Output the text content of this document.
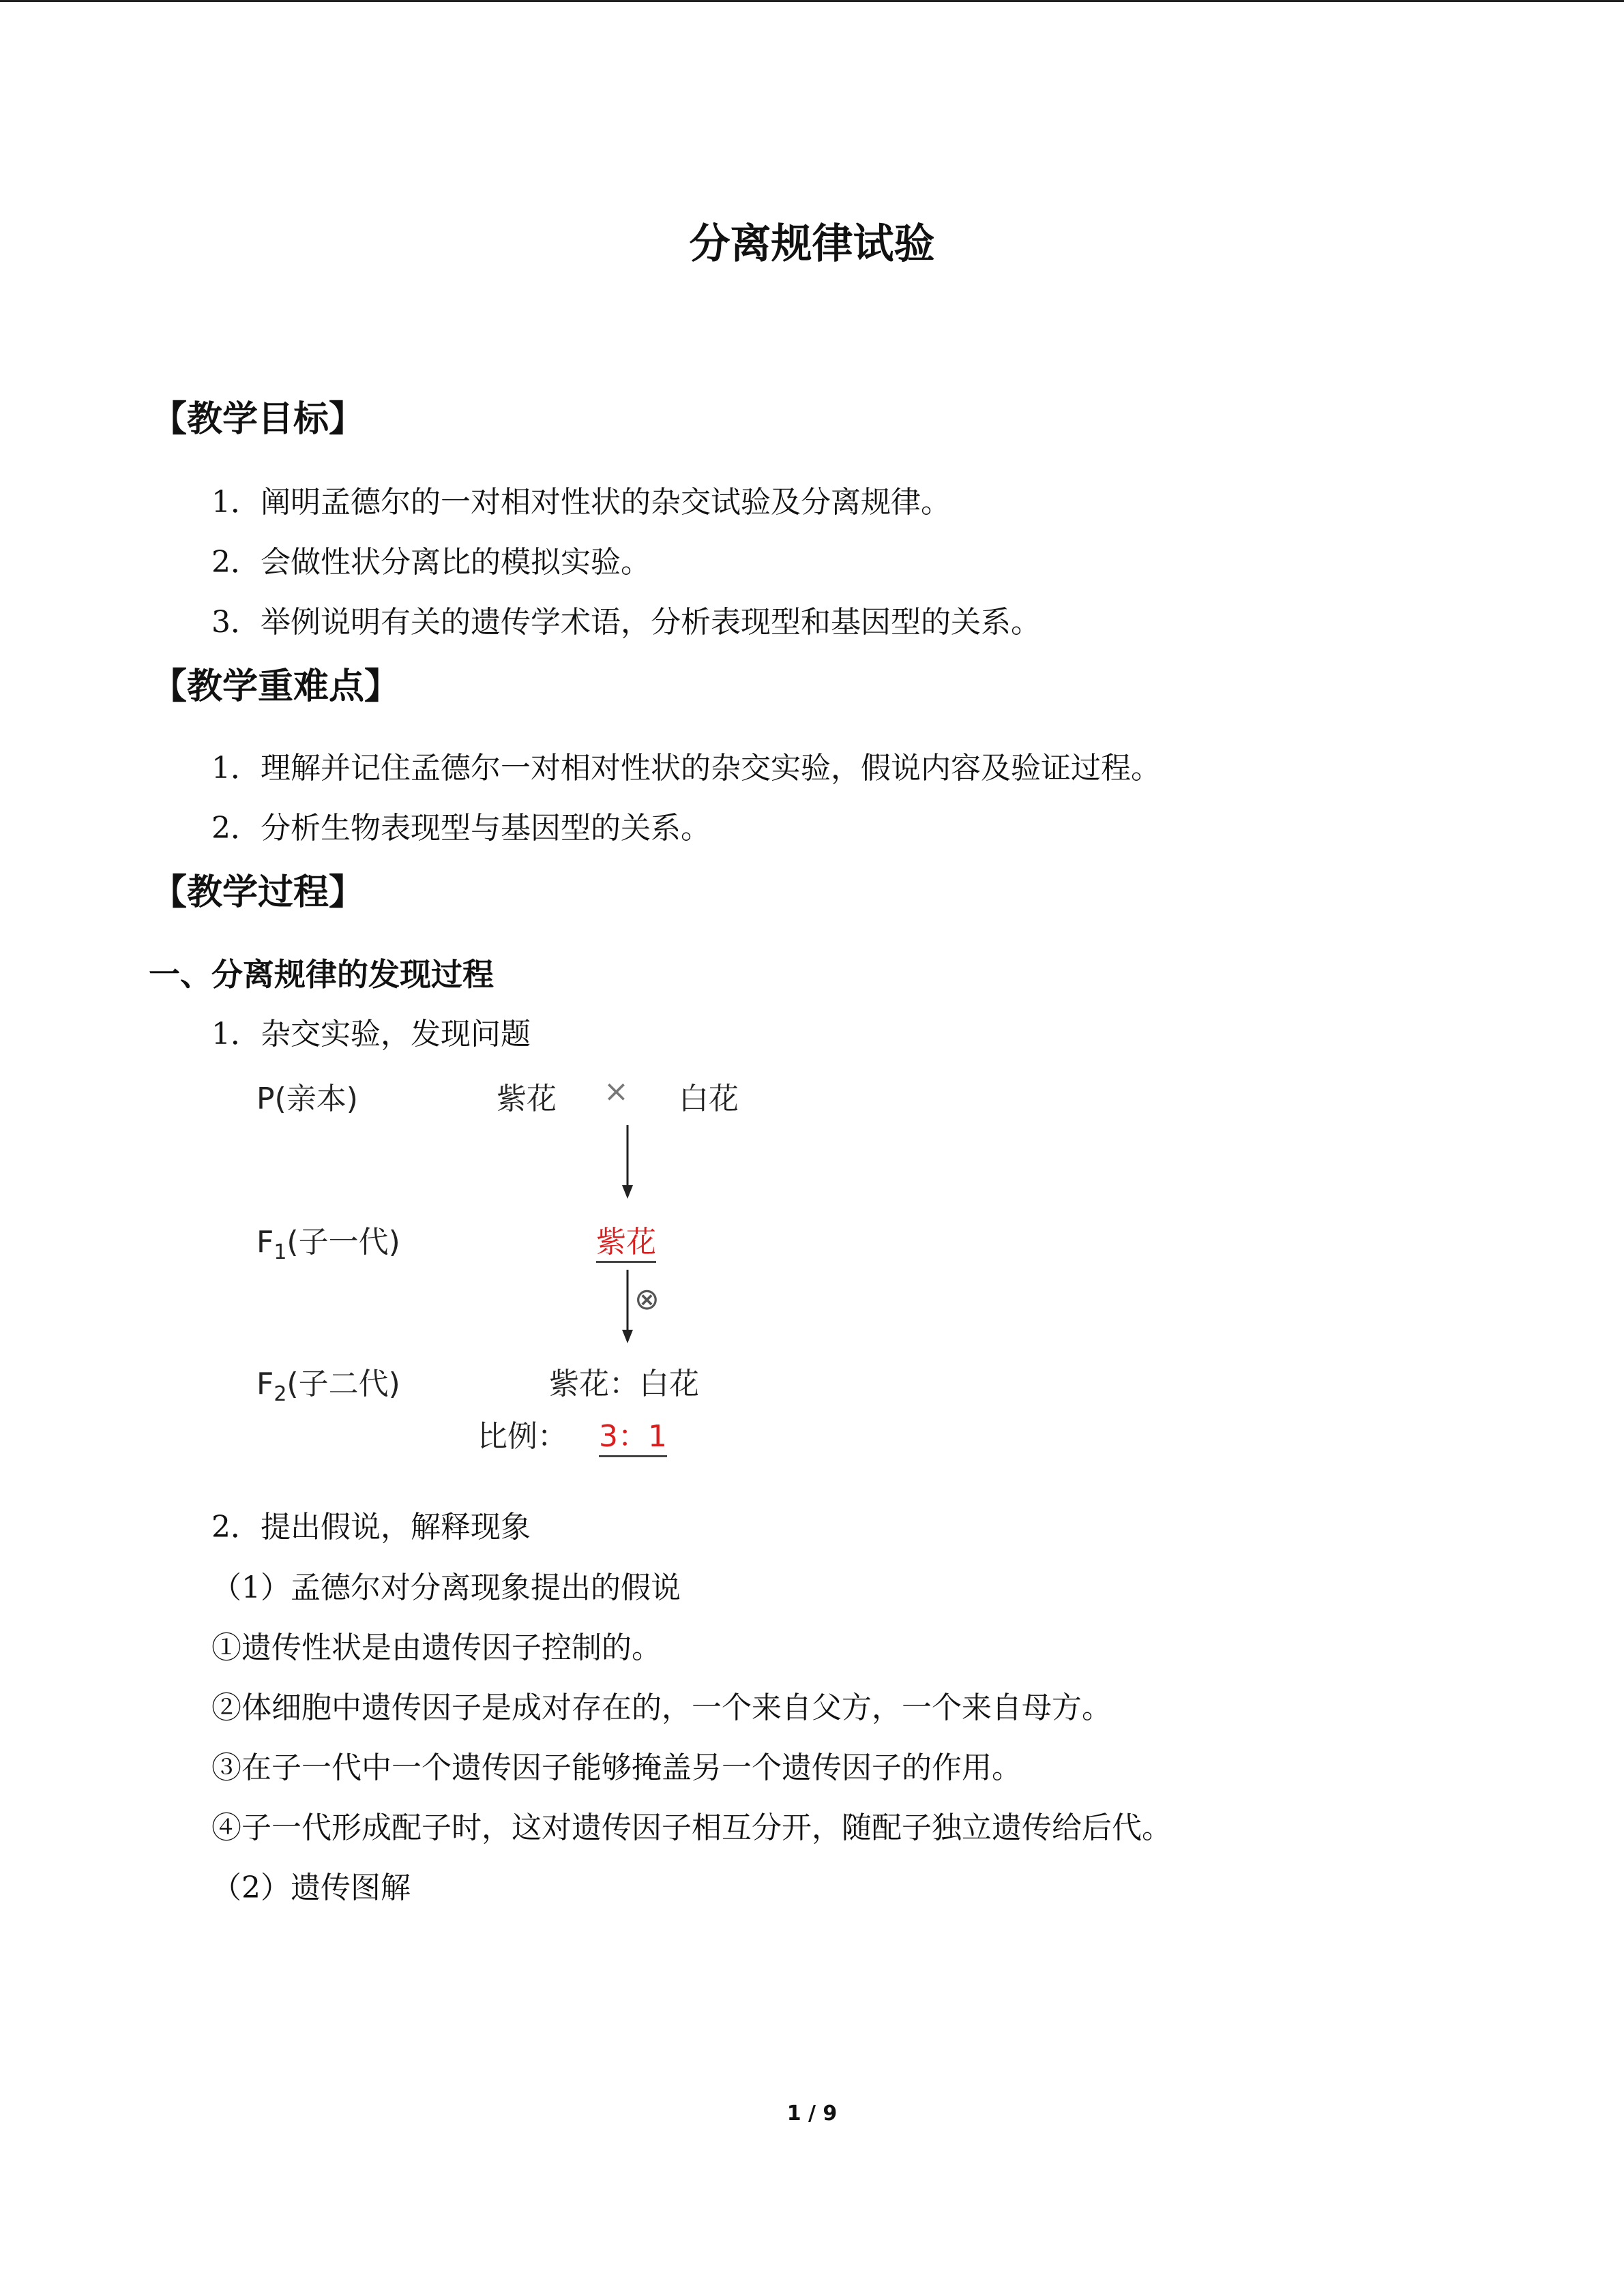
分离规律试验
【教学目标】
1．阐明孟德尔的一对相对性状的杂交试验及分离规律。
2．会做性状分离比的模拟实验。
3．举例说明有关的遗传学术语，分析表现型和基因型的关系。
【教学重难点】
1．理解并记住孟德尔一对相对性状的杂交实验，假说内容及验证过程。
2．分析生物表现型与基因型的关系。
【教学过程】
一、分离规律的发现过程
1．杂交实验，发现问题
P(亲本)	紫花 × 白花
$F_1$(子一代)	紫花
⊗
$F_2$(子二代)	紫花：白花
比例： 3：1
2．提出假说，解释现象
（1）孟德尔对分离现象提出的假说
①遗传性状是由遗传因子控制的。
②体细胞中遗传因子是成对存在的，一个来自父方，一个来自母方。
③在子一代中一个遗传因子能够掩盖另一个遗传因子的作用。
④子一代形成配子时，这对遗传因子相互分开，随配子独立遗传给后代。
（2）遗传图解
1 / 9
